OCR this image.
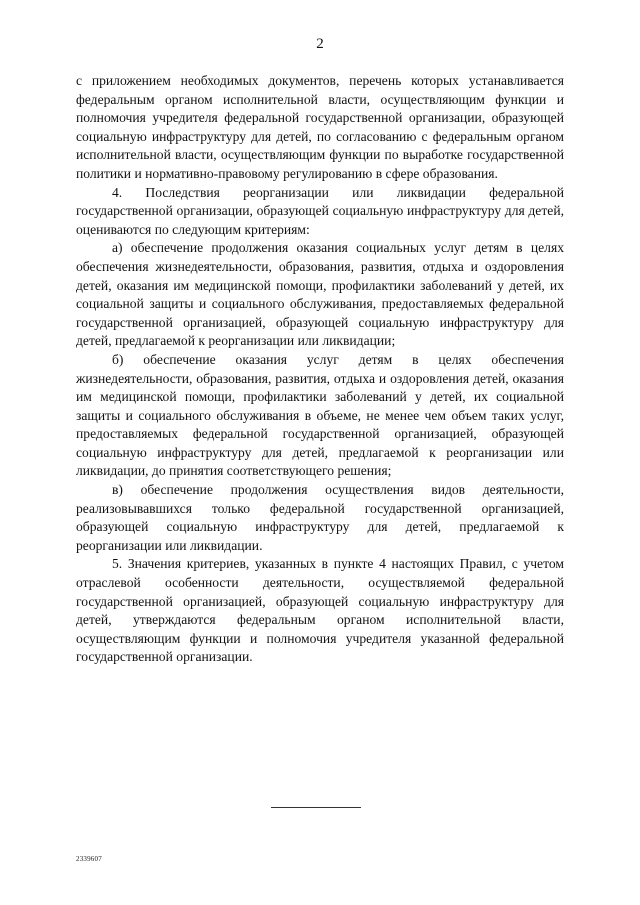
2

с приложением необходимых документов, перечень которых устанавливается федеральным органом исполнительной власти, осуществляющим функции и полномочия учредителя федеральной государственной организации, образующей социальную инфраструктуру для детей, по согласованию с федеральным органом исполнительной власти, осуществляющим функции по выработке государственной политики и нормативно-правовому регулированию в сфере образования.

4. Последствия реорганизации или ликвидации федеральной государственной организации, образующей социальную инфраструктуру для детей, оцениваются по следующим критериям:

а) обеспечение продолжения оказания социальных услуг детям в целях обеспечения жизнедеятельности, образования, развития, отдыха и оздоровления детей, оказания им медицинской помощи, профилактики заболеваний у детей, их социальной защиты и социального обслуживания, предоставляемых федеральной государственной организацией, образующей социальную инфраструктуру для детей, предлагаемой к реорганизации или ликвидации;

б) обеспечение оказания услуг детям в целях обеспечения жизнедеятельности, образования, развития, отдыха и оздоровления детей, оказания им медицинской помощи, профилактики заболеваний у детей, их социальной защиты и социального обслуживания в объеме, не менее чем объем таких услуг, предоставляемых федеральной государственной организацией, образующей социальную инфраструктуру для детей, предлагаемой к реорганизации или ликвидации, до принятия соответствующего решения;

в) обеспечение продолжения осуществления видов деятельности, реализовывавшихся только федеральной государственной организацией, образующей социальную инфраструктуру для детей, предлагаемой к реорганизации или ликвидации.

5. Значения критериев, указанных в пункте 4 настоящих Правил, с учетом отраслевой особенности деятельности, осуществляемой федеральной государственной организацией, образующей социальную инфраструктуру для детей, утверждаются федеральным органом исполнительной власти, осуществляющим функции и полномочия учредителя указанной федеральной государственной организации.

2339607
